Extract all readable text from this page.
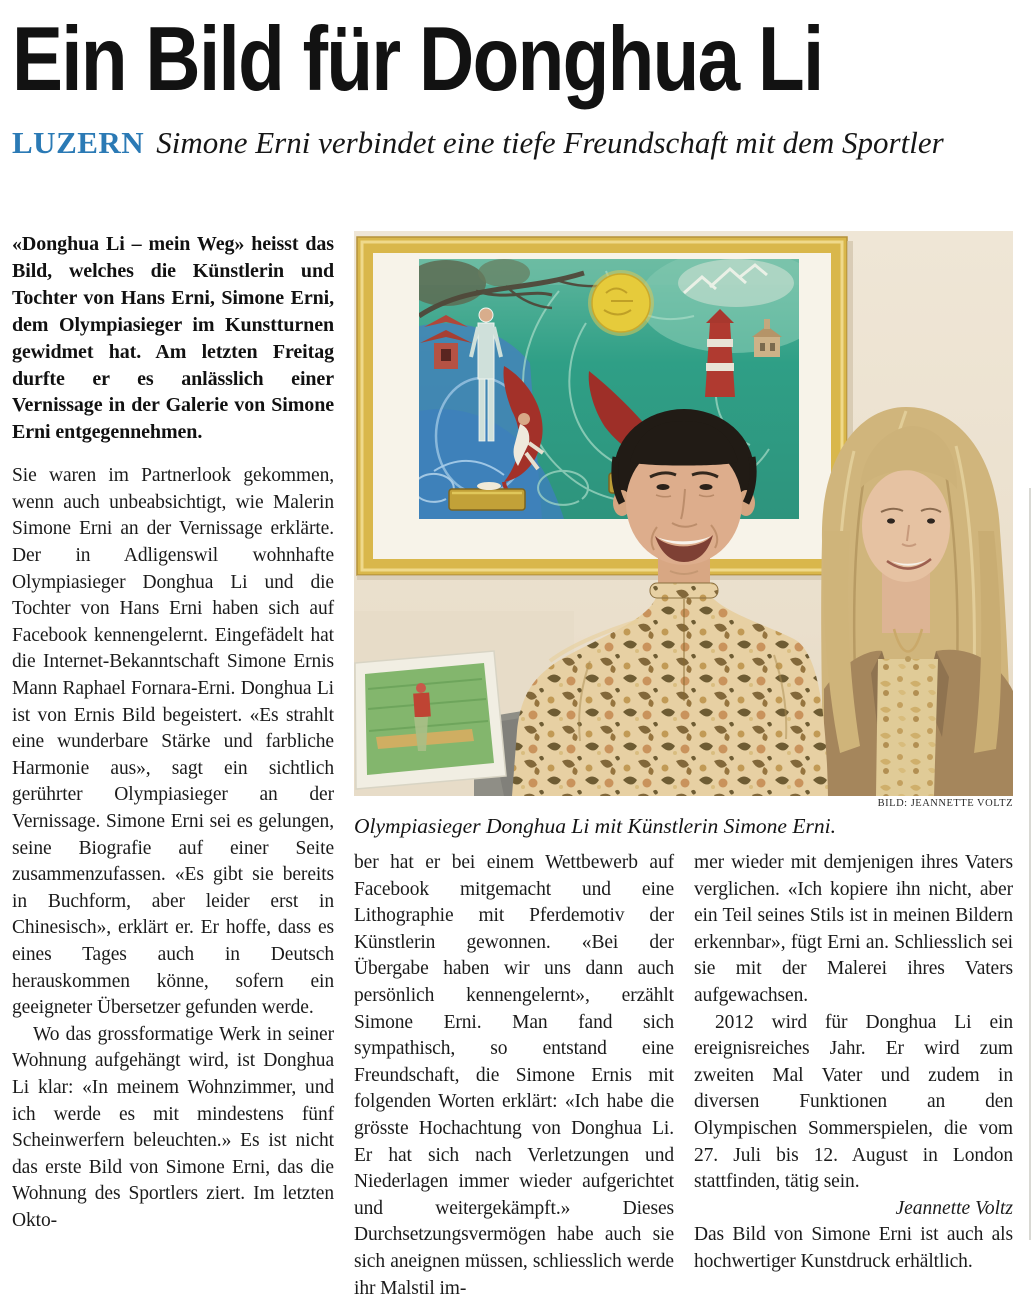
Ein Bild für Donghua Li
LUZERN Simone Erni verbindet eine tiefe Freundschaft mit dem Sportler

«Donghua Li – mein Weg» heisst das Bild, welches die Künstlerin und Tochter von Hans Erni, Simone Erni, dem Olympiasieger im Kunstturnen gewidmet hat. Am letzten Freitag durfte er es anlässlich einer Vernissage in der Galerie von Simone Erni entgegennehmen.

Sie waren im Partnerlook gekommen, wenn auch unbeabsichtigt, wie Malerin Simone Erni an der Vernissage erklärte. Der in Adligenswil wohnhafte Olympiasieger Donghua Li und die Tochter von Hans Erni haben sich auf Facebook kennengelernt. Eingefädelt hat die Internet-Bekanntschaft Simone Ernis Mann Raphael Fornara-Erni. Donghua Li ist von Ernis Bild begeistert. «Es strahlt eine wunderbare Stärke und farbliche Harmonie aus», sagt ein sichtlich gerührter Olympiasieger an der Vernissage. Simone Erni sei es gelungen, seine Biografie auf einer Seite zusammenzufassen. «Es gibt sie bereits in Buchform, aber leider erst in Chinesisch», erklärt er. Er hoffe, dass es eines Tages auch in Deutsch herauskommen könne, sofern ein geeigneter Übersetzer gefunden werde.

Wo das grossformatige Werk in seiner Wohnung aufgehängt wird, ist Donghua Li klar: «In meinem Wohnzimmer, und ich werde es mit mindestens fünf Scheinwerfern beleuchten.» Es ist nicht das erste Bild von Simone Erni, das die Wohnung des Sportlers ziert. Im letzten Okto-

BILD: JEANNETTE VOLTZ
Olympiasieger Donghua Li mit Künstlerin Simone Erni.

ber hat er bei einem Wettbewerb auf Facebook mitgemacht und eine Lithographie mit Pferdemotiv der Künstlerin gewonnen. «Bei der Übergabe haben wir uns dann auch persönlich kennengelernt», erzählt Simone Erni. Man fand sich sympathisch, so entstand eine Freundschaft, die Simone Ernis mit folgenden Worten erklärt: «Ich habe die grösste Hochachtung von Donghua Li. Er hat sich nach Verletzungen und Niederlagen immer wieder aufgerichtet und weitergekämpft.» Dieses Durchsetzungsvermögen habe auch sie sich aneignen müssen, schliesslich werde ihr Malstil im-

mer wieder mit demjenigen ihres Vaters verglichen. «Ich kopiere ihn nicht, aber ein Teil seines Stils ist in meinen Bildern erkennbar», fügt Erni an. Schliesslich sei sie mit der Malerei ihres Vaters aufgewachsen.

2012 wird für Donghua Li ein ereignisreiches Jahr. Er wird zum zweiten Mal Vater und zudem in diversen Funktionen an den Olympischen Sommerspielen, die vom 27. Juli bis 12. August in London stattfinden, tätig sein.

Jeannette Voltz

Das Bild von Simone Erni ist auch als hochwertiger Kunstdruck erhältlich.
